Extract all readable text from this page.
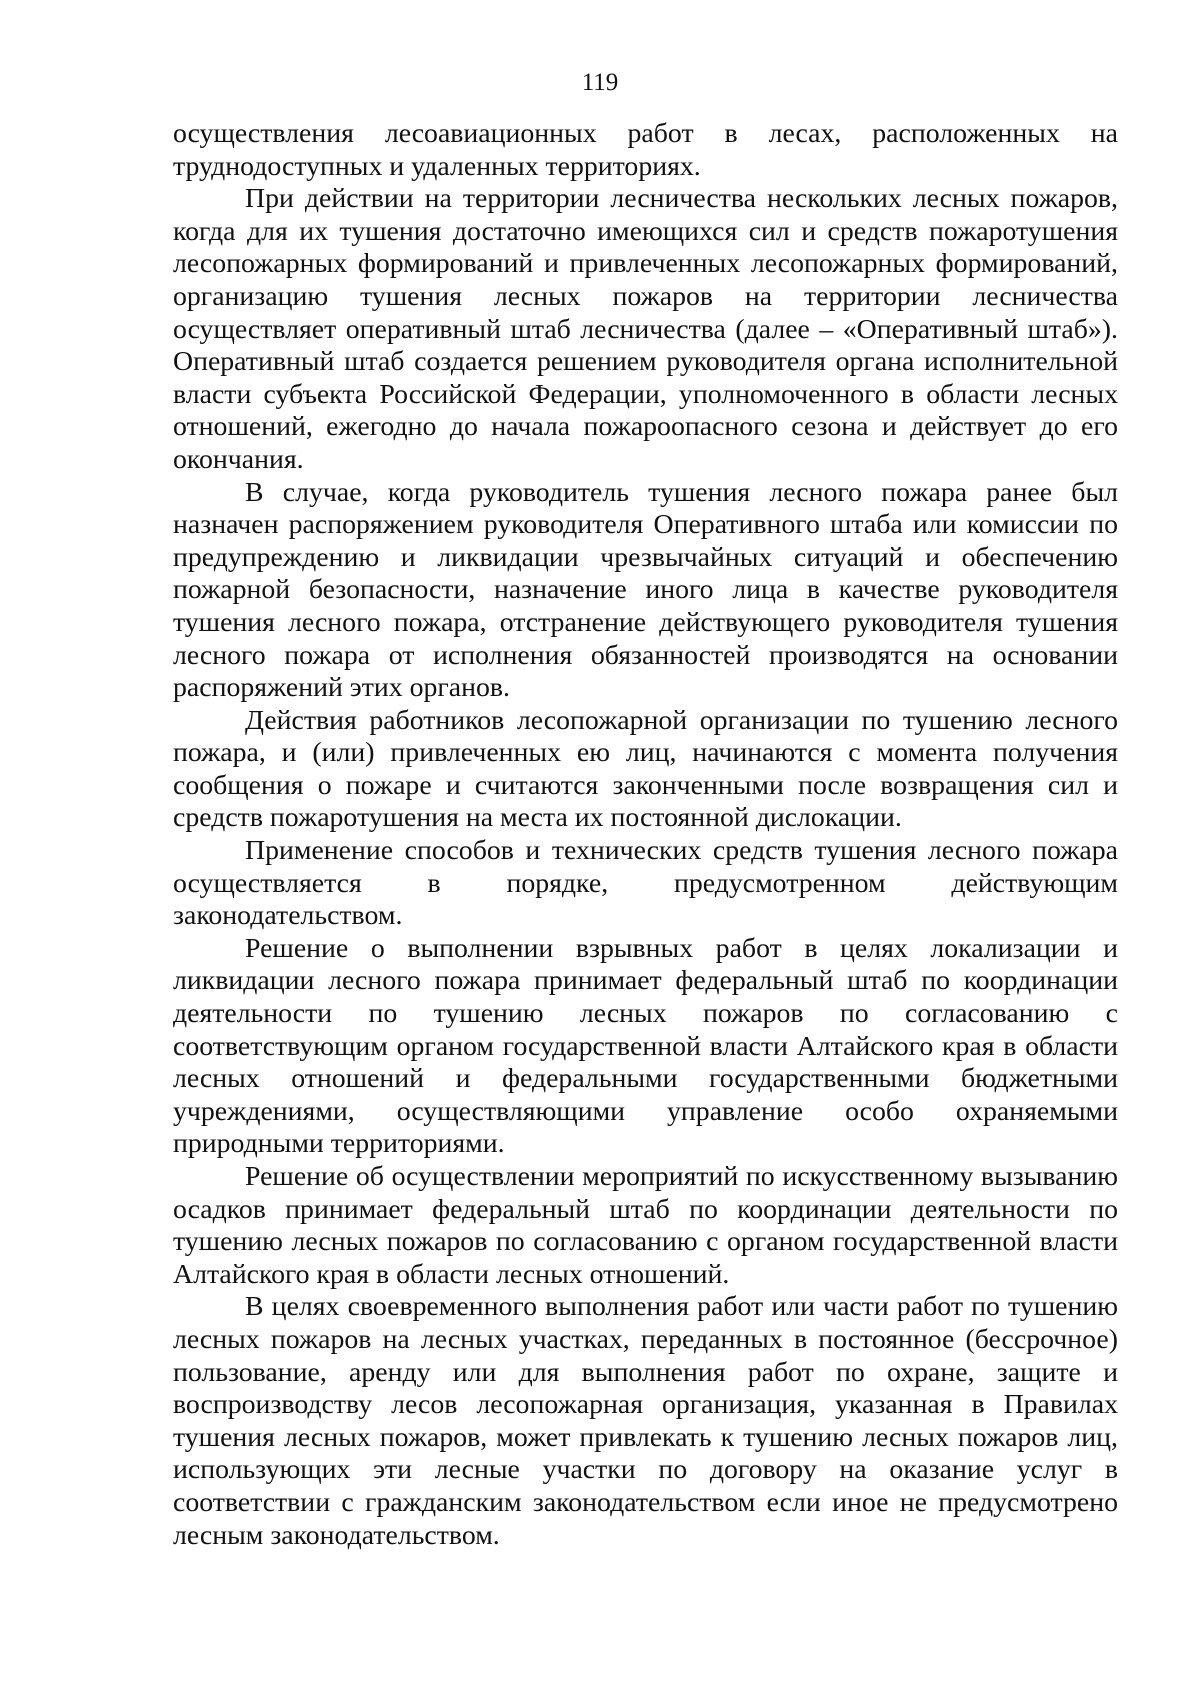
119

осуществления лесоавиационных работ в лесах, расположенных на труднодоступных и удаленных территориях.

При действии на территории лесничества нескольких лесных пожаров, когда для их тушения достаточно имеющихся сил и средств пожаротушения лесопожарных формирований и привлеченных лесопожарных формирований, организацию тушения лесных пожаров на территории лесничества осуществляет оперативный штаб лесничества (далее – «Оперативный штаб»). Оперативный штаб создается решением руководителя органа исполнительной власти субъекта Российской Федерации, уполномоченного в области лесных отношений, ежегодно до начала пожароопасного сезона и действует до его окончания.

В случае, когда руководитель тушения лесного пожара ранее был назначен распоряжением руководителя Оперативного штаба или комиссии по предупреждению и ликвидации чрезвычайных ситуаций и обеспечению пожарной безопасности, назначение иного лица в качестве руководителя тушения лесного пожара, отстранение действующего руководителя тушения лесного пожара от исполнения обязанностей производятся на основании распоряжений этих органов.

Действия работников лесопожарной организации по тушению лесного пожара, и (или) привлеченных ею лиц, начинаются с момента получения сообщения о пожаре и считаются законченными после возвращения сил и средств пожаротушения на места их постоянной дислокации.

Применение способов и технических средств тушения лесного пожара осуществляется в порядке, предусмотренном действующим законодательством.

Решение о выполнении взрывных работ в целях локализации и ликвидации лесного пожара принимает федеральный штаб по координации деятельности по тушению лесных пожаров по согласованию с соответствующим органом государственной власти Алтайского края в области лесных отношений и федеральными государственными бюджетными учреждениями, осуществляющими управление особо охраняемыми природными территориями.

Решение об осуществлении мероприятий по искусственному вызыванию осадков принимает федеральный штаб по координации деятельности по тушению лесных пожаров по согласованию с органом государственной власти Алтайского края в области лесных отношений.

В целях своевременного выполнения работ или части работ по тушению лесных пожаров на лесных участках, переданных в постоянное (бессрочное) пользование, аренду или для выполнения работ по охране, защите и воспроизводству лесов лесопожарная организация, указанная в Правилах тушения лесных пожаров, может привлекать к тушению лесных пожаров лиц, использующих эти лесные участки по договору на оказание услуг в соответствии с гражданским законодательством если иное не предусмотрено лесным законодательством.
